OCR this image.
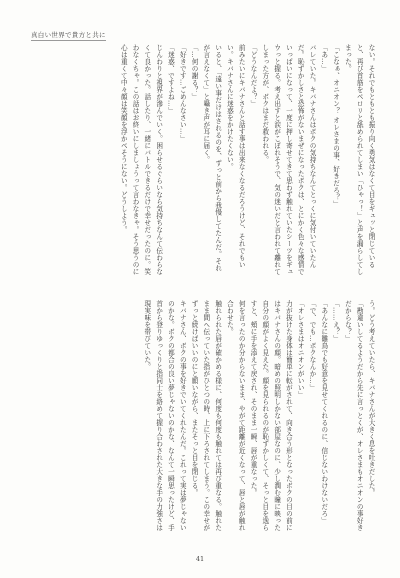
真白い世界で貴方と共に

ない。それでもともとも振り向く勇気はなくて目をギュッと閉じていると、再び首筋をペロリと舐められてしまい「ひゃっ！」と声を漏らしてしまった。

「こなぁ、オニオン？ オレさまの事、好きだろ？」

「あ…」

バレていた。キバナさんはボクの気持ちなんてとっくに気付いていたんだ。恥ずかしさと恐怖がないまぜになったボクは、とにかく色々な感情でいっぱいになって、一度に押し寄せてきて思わず触れていたシーツをギュウっと握る。考え出すと涙がこぼれそうで、気の迷いだと言われて離れてしまった方が、ボクはまだ救われる。

「どうなんだよ？」

前みたいにキバナさんと話す事は出来なくなるだろうけど、それでもいい。キバナさんに迷惑をかけたくない。

いると、「遠い事だけはされるのを、ずっと前から我慢してたんだ。それが言えなくて」と囁き声が耳に届く。

「…何の謝る？」

「好きです…ごめんなさい…」

「迷惑、ですよね…」

じんわりと視界が滲んでいく。困らせるぐらいなら気持ちなんて伝わらなくて良かった。話したり、一緒にバトルできるだけで幸せだったのに。笑わなくちゃ。この話はお終いにしましょうって言わなきゃ。そう思うのに心は重くて中々顔は笑顔を浮かべそうにない。どうしよう。

う。どう考えていたら、キバナさんが大きく息を吐きだした。

「勘違いしてるようだから先に言っとくが、オレさまもオニオンの事好きだからな？」

「……え？」

「あんなに雛鳥でも好意を見せてくれるのに、信じないわけないだろ」

「で、でも…ボクなんか…」

「オレさまはオニオンがいい」

力が抜けた身体は簡単に転がされて、向き合う形となったボクの目の前にはキバナさんの顔。暗めの照明しかない部屋なのに、少し潤む瞳に映った自分の顔がよく見えた。顔を見られるのが恥ずかしくて、そっと目を逸らすと、頬に手を添えて戻され、そのまま一瞬、唇が重なった。

何を言ったのか分からないまま、やがて距離が近くなって、唇と唇が触れ合わせた。

触れられた唇が確かめる様に、何度も何度も触れては再び重なる。触れたまま間へ伝っていた指がひとつの時、上に下ろされてしまう。この幸せがずっと続けばいいのにと願いながら、またそっと目を閉じる。

キバナさん、ボクの事を好きでいてくれたんだ。これって実は夢じゃないのかな。ボクの都合の良い夢じゃないのかな、なんて一瞬思ったけど、手首から登りゆっくりと指同士を絡めて握り合わされた大きな手の力強さは現実味を帯びていた。

41
